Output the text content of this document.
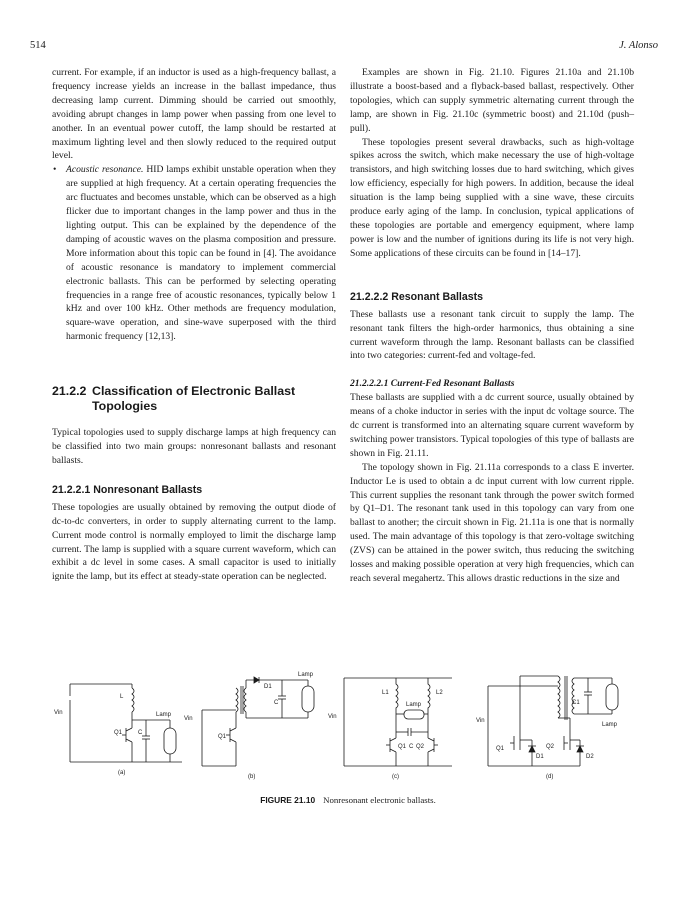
514	J. Alonso

current. For example, if an inductor is used as a high-frequency ballast, a frequency increase yields an increase in the ballast impedance, thus decreasing lamp current. Dimming should be carried out smoothly, avoiding abrupt changes in lamp power when passing from one level to another. In an eventual power cutoff, the lamp should be restarted at maximum lighting level and then slowly reduced to the required output level.

• Acoustic resonance. HID lamps exhibit unstable operation when they are supplied at high frequency. At a certain operating frequencies the arc fluctuates and becomes unstable, which can be observed as a high flicker due to important changes in the lamp power and thus in the lighting output. This can be explained by the dependence of the damping of acoustic waves on the plasma composition and pressure. More information about this topic can be found in [4]. The avoidance of acoustic resonance is mandatory to implement commercial electronic ballasts. This can be performed by selecting operating frequencies in a range free of acoustic resonances, typically below 1 kHz and over 100 kHz. Other methods are frequency modulation, square-wave operation, and sine-wave superposed with the third harmonic frequency [12,13].

21.2.2 Classification of Electronic Ballast
Topologies

Typical topologies used to supply discharge lamps at high frequency can be classified into two main groups: nonresonant ballasts and resonant ballasts.

21.2.2.1 Nonresonant Ballasts

These topologies are usually obtained by removing the output diode of dc-to-dc converters, in order to supply alternating current to the lamp. Current mode control is normally employed to limit the discharge lamp current. The lamp is supplied with a square current waveform, which can exhibit a dc level in some cases. A small capacitor is used to initially ignite the lamp, but its effect at steady-state operation can be neglected.

Examples are shown in Fig. 21.10. Figures 21.10a and 21.10b illustrate a boost-based and a flyback-based ballast, respectively. Other topologies, which can supply symmetric alternating current through the lamp, are shown in Fig. 21.10c (symmetric boost) and 21.10d (push–pull).

These topologies present several drawbacks, such as high-voltage spikes across the switch, which make necessary the use of high-voltage transistors, and high switching losses due to hard switching, which gives low efficiency, especially for high powers. In addition, because the ideal situation is the lamp being supplied with a sine wave, these circuits produce early aging of the lamp. In conclusion, typical applications of these topologies are portable and emergency equipment, where lamp power is low and the number of ignitions during its life is not very high. Some applications of these circuits can be found in [14–17].

21.2.2.2 Resonant Ballasts

These ballasts use a resonant tank circuit to supply the lamp. The resonant tank filters the high-order harmonics, thus obtaining a sine current waveform through the lamp. Resonant ballasts can be classified into two categories: current-fed and voltage-fed.

21.2.2.2.1 Current-Fed Resonant Ballasts

These ballasts are supplied with a dc current source, usually obtained by means of a choke inductor in series with the input dc voltage source. The dc current is transformed into an alternating square current waveform by switching power transistors. Typical topologies of this type of ballasts are shown in Fig. 21.11.

The topology shown in Fig. 21.11a corresponds to a class E inverter. Inductor Le is used to obtain a dc input current with low current ripple. This current supplies the resonant tank through the power switch formed by Q1–D1. The resonant tank used in this topology can vary from one ballast to another; the circuit shown in Fig. 21.11a is one that is normally used. The main advantage of this topology is that zero-voltage switching (ZVS) can be attained in the power switch, thus reducing the switching losses and making possible operation at very high frequencies, which can reach several megahertz. This allows drastic reductions in the size and

Vin
L
Lamp
Q1	C
(a)
Vin
D1
C
Q1
Lamp
(b)
Vin
L1	L2
Lamp
Q1 C Q2
(c)
Vin
C1
Lamp
Q1	Q2
D1	D2
(d)
FIGURE 21.10 Nonresonant electronic ballasts.
